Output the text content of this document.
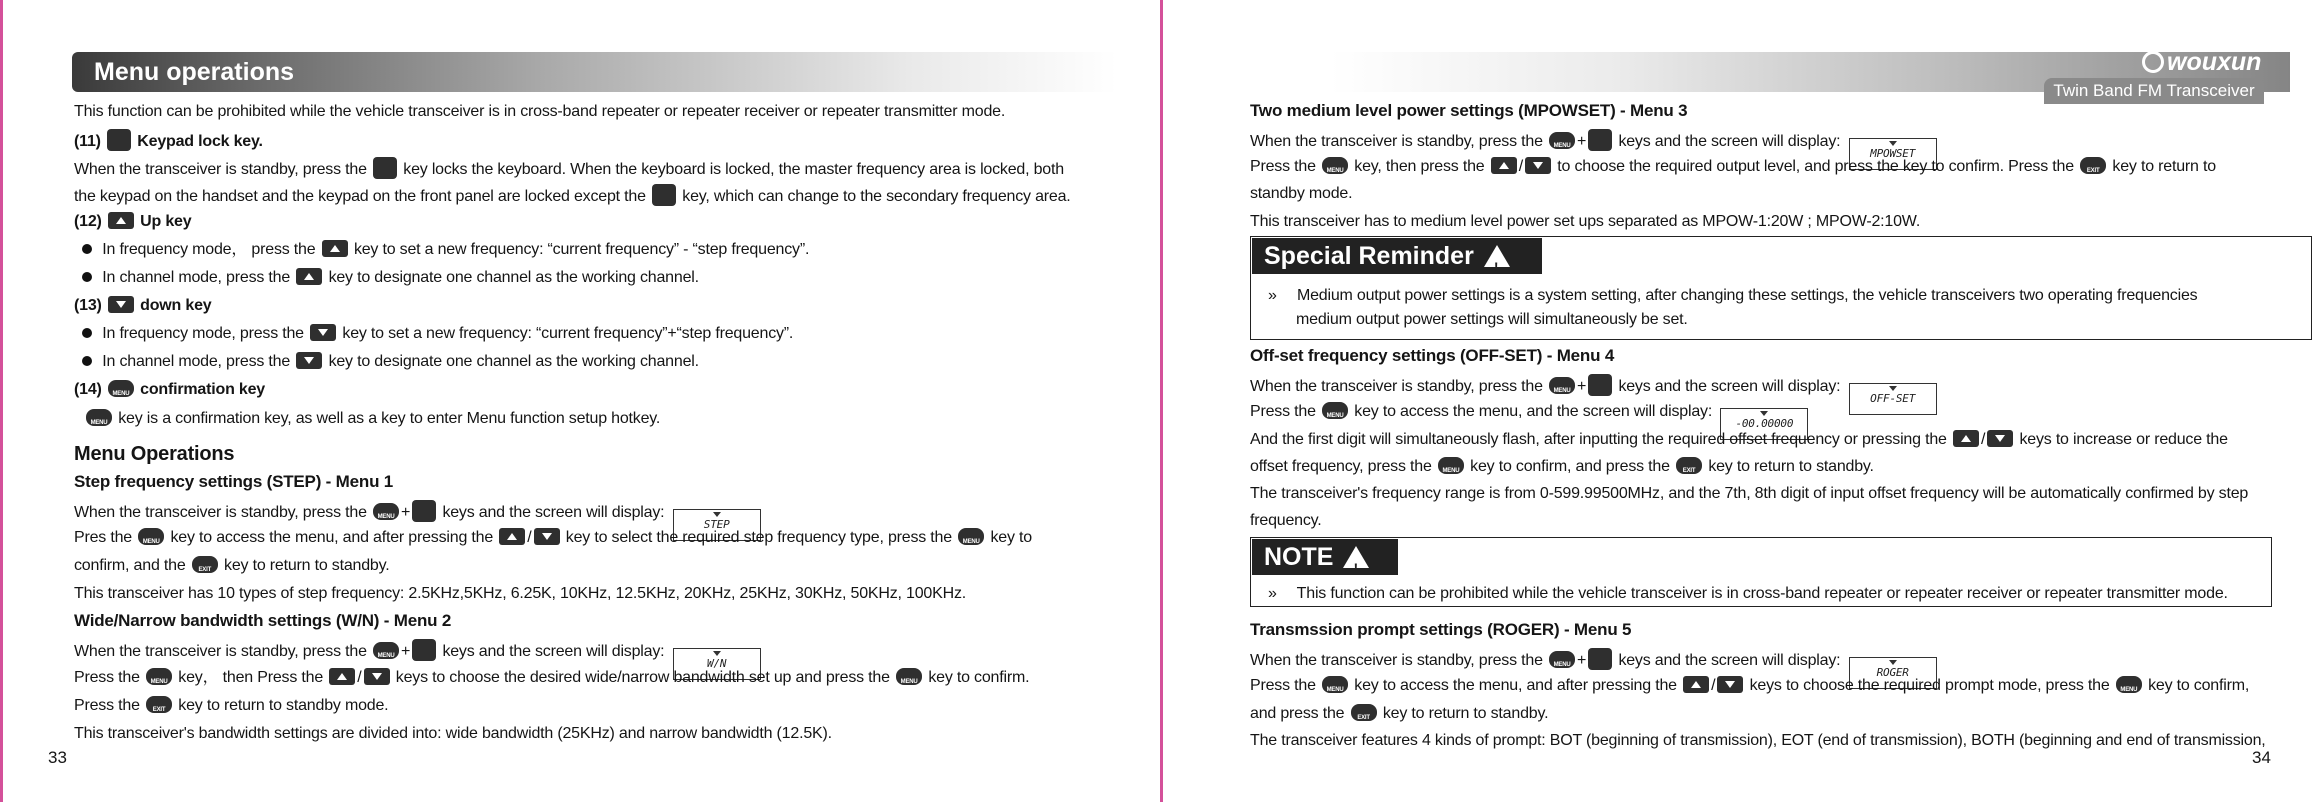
Menu operations
This function can be prohibited while the vehicle transceiver is in cross-band repeater or repeater receiver or repeater transmitter mode.
(11) Keypad lock key.
When the transceiver is standby, press the key locks the keyboard. When the keyboard is locked, the master frequency area is locked, both
the keypad on the handset and the keypad on the front panel are locked except the key, which can change to the secondary frequency area.
(12) Up key
In frequency mode， press the key to set a new frequency: “current frequency” - “step frequency”.
In channel mode, press the key to designate one channel as the working channel.
(13) down key
In frequency mode, press the key to set a new frequency: “current frequency”+“step frequency”.
In channel mode, press the key to designate one channel as the working channel.
(14) MENU confirmation key
MENU key is a confirmation key, as well as a key to enter Menu function setup hotkey.
Menu Operations
Step frequency settings (STEP) - Menu 1
When the transceiver is standby, press the MENU + keys and the screen will display: STEP
Pres the MENU key to access the menu, and after pressing the / key to select the required step frequency type, press the MENU key to
confirm, and the EXIT key to return to standby.
This transceiver has 10 types of step frequency: 2.5KHz,5KHz, 6.25K, 10KHz, 12.5KHz, 20KHz, 25KHz, 30KHz, 50KHz, 100KHz.
Wide/Narrow bandwidth settings (W/N) - Menu 2
When the transceiver is standby, press the MENU + keys and the screen will display: W/N
Press the MENU key， then Press the / keys to choose the desired wide/narrow bandwidth set up and press the MENU key to confirm.
Press the EXIT key to return to standby mode.
This transceiver's bandwidth settings are divided into: wide bandwidth (25KHz) and narrow bandwidth (12.5K).
33
Two medium level power settings (MPOWSET) - Menu 3
When the transceiver is standby, press the MENU + keys and the screen will display: MPOWSET
Press the MENU key, then press the / to choose the required output level, and press the key to confirm. Press the EXIT key to return to
standby mode.
This transceiver has to medium level power set ups separated as MPOW-1:20W ; MPOW-2:10W.
Special Reminder!
» Medium output power settings is a system setting, after changing these settings, the vehicle transceivers two operating frequencies
medium output power settings will simultaneously be set.
Off-set frequency settings (OFF-SET) - Menu 4
When the transceiver is standby, press the MENU + keys and the screen will display: OFF-SET
Press the MENU key to access the menu, and the screen will display: -00.00000
And the first digit will simultaneously flash, after inputting the required offset frequency or pressing the / keys to increase or reduce the
offset frequency, press the MENU key to confirm, and press the EXIT key to return to standby.
The transceiver's frequency range is from 0-599.99500MHz, and the 7th, 8th digit of input offset frequency will be automatically confirmed by step
frequency.
NOTE!
» This function can be prohibited while the vehicle transceiver is in cross-band repeater or repeater receiver or repeater transmitter mode.
Transmssion prompt settings (ROGER) - Menu 5
When the transceiver is standby, press the MENU + keys and the screen will display: ROGER
Press the MENU key to access the menu, and after pressing the / keys to choose the required prompt mode, press the MENU key to confirm,
and press the EXIT key to return to standby.
The transceiver features 4 kinds of prompt: BOT (beginning of transmission), EOT (end of transmission), BOTH (beginning and end of transmission,
34
wouxun
Twin Band FM Transceiver
